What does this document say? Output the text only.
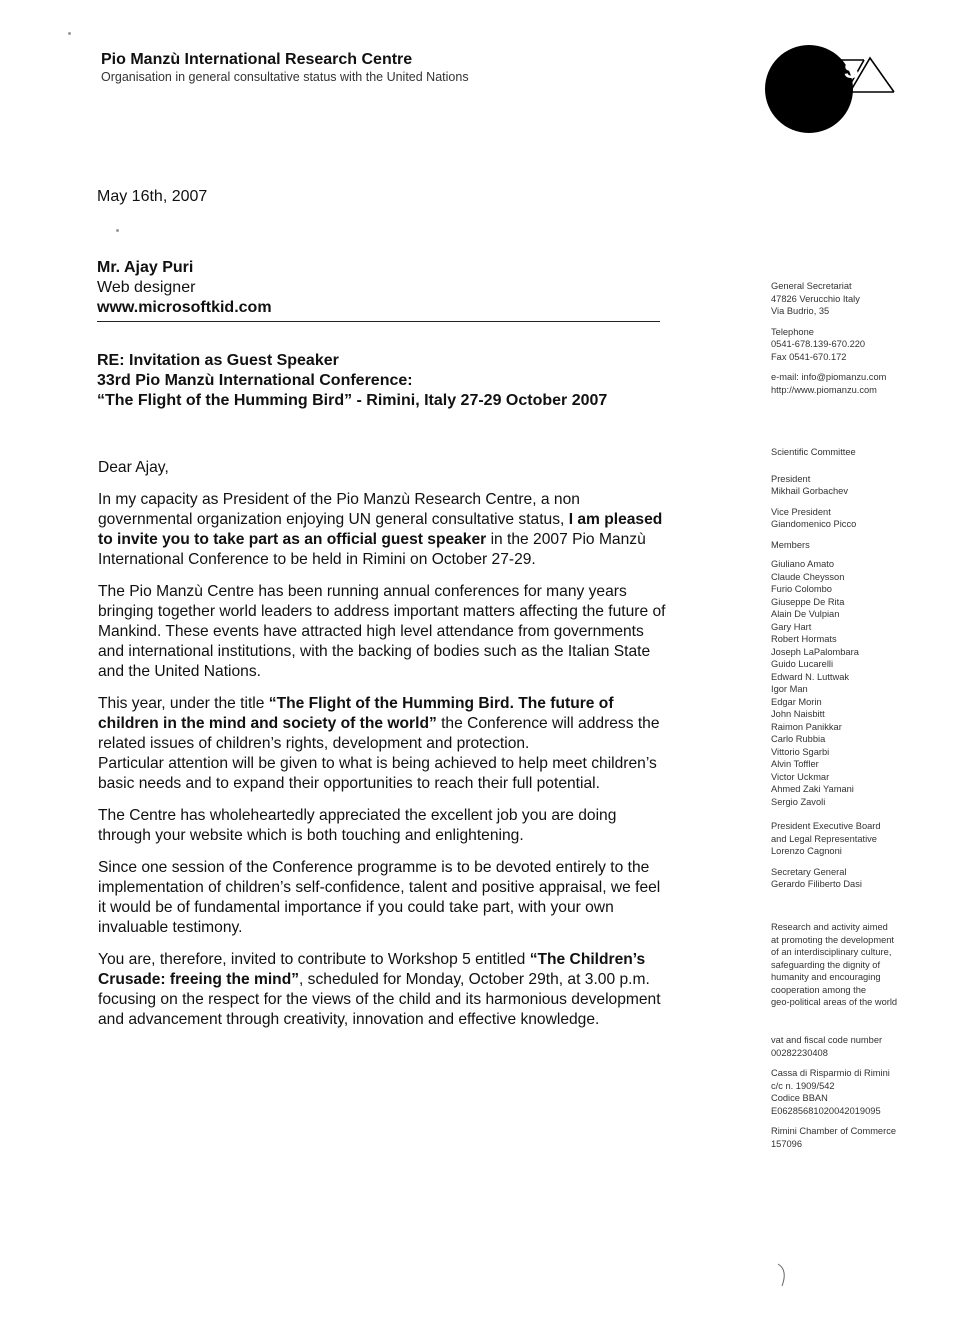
Pio Manzù International Research Centre
Organisation in general consultative status with the United Nations	S
May 16th, 2007
Mr. Ajay Puri
Web designer
www.microsoftkid.com
RE: Invitation as Guest Speaker
33rd Pio Manzù International Conference:
“The Flight of the Humming Bird” - Rimini, Italy 27-29 October 2007

Dear Ajay,

In my capacity as President of the Pio Manzù Research Centre, a non governmental organization enjoying UN general consultative status, I am pleased to invite you to take part as an official guest speaker in the 2007 Pio Manzù International Conference to be held in Rimini on October 27-29.

The Pio Manzù Centre has been running annual conferences for many years bringing together world leaders to address important matters affecting the future of Mankind. These events have attracted high level attendance from governments and international institutions, with the backing of bodies such as the Italian State and the United Nations.

This year, under the title “The Flight of the Humming Bird. The future of children in the mind and society of the world” the Conference will address the related issues of children’s rights, development and protection.

Particular attention will be given to what is being achieved to help meet children’s basic needs and to expand their opportunities to reach their full potential.

The Centre has wholeheartedly appreciated the excellent job you are doing through your website which is both touching and enlightening.

Since one session of the Conference programme is to be devoted entirely to the implementation of children’s self-confidence, talent and positive appraisal, we feel it would be of fundamental importance if you could take part, with your own invaluable testimony.

You are, therefore, invited to contribute to Workshop 5 entitled “The Children’s Crusade: freeing the mind”, scheduled for Monday, October 29th, at 3.00 p.m. focusing on the respect for the views of the child and its harmonious development and advancement through creativity, innovation and effective knowledge.

General Secretariat
47826 Verucchio Italy
Via Budrio, 35
Telephone
0541-678.139-670.220
Fax 0541-670.172
e-mail: info@piomanzu.com
http://www.piomanzu.com
Scientific Committee
President
Mikhail Gorbachev
Vice President
Giandomenico Picco
Members
Giuliano Amato
Claude Cheysson
Furio Colombo
Giuseppe De Rita
Alain De Vulpian
Gary Hart
Robert Hormats
Joseph LaPalombara
Guido Lucarelli
Edward N. Luttwak
Igor Man
Edgar Morin
John Naisbitt
Raimon Panikkar
Carlo Rubbia
Vittorio Sgarbi
Alvin Toffler
Victor Uckmar
Ahmed Zaki Yamani
Sergio Zavoli
President Executive Board
and Legal Representative
Lorenzo Cagnoni
Secretary General
Gerardo Filiberto Dasi
Research and activity aimed
at promoting the development
of an interdisciplinary culture,
safeguarding the dignity of
humanity and encouraging
cooperation among the
geo-political areas of the world
vat and fiscal code number
00282230408
Cassa di Risparmio di Rimini
c/c n. 1909/542
Codice BBAN
E06285681020042019095
Rimini Chamber of Commerce
157096
